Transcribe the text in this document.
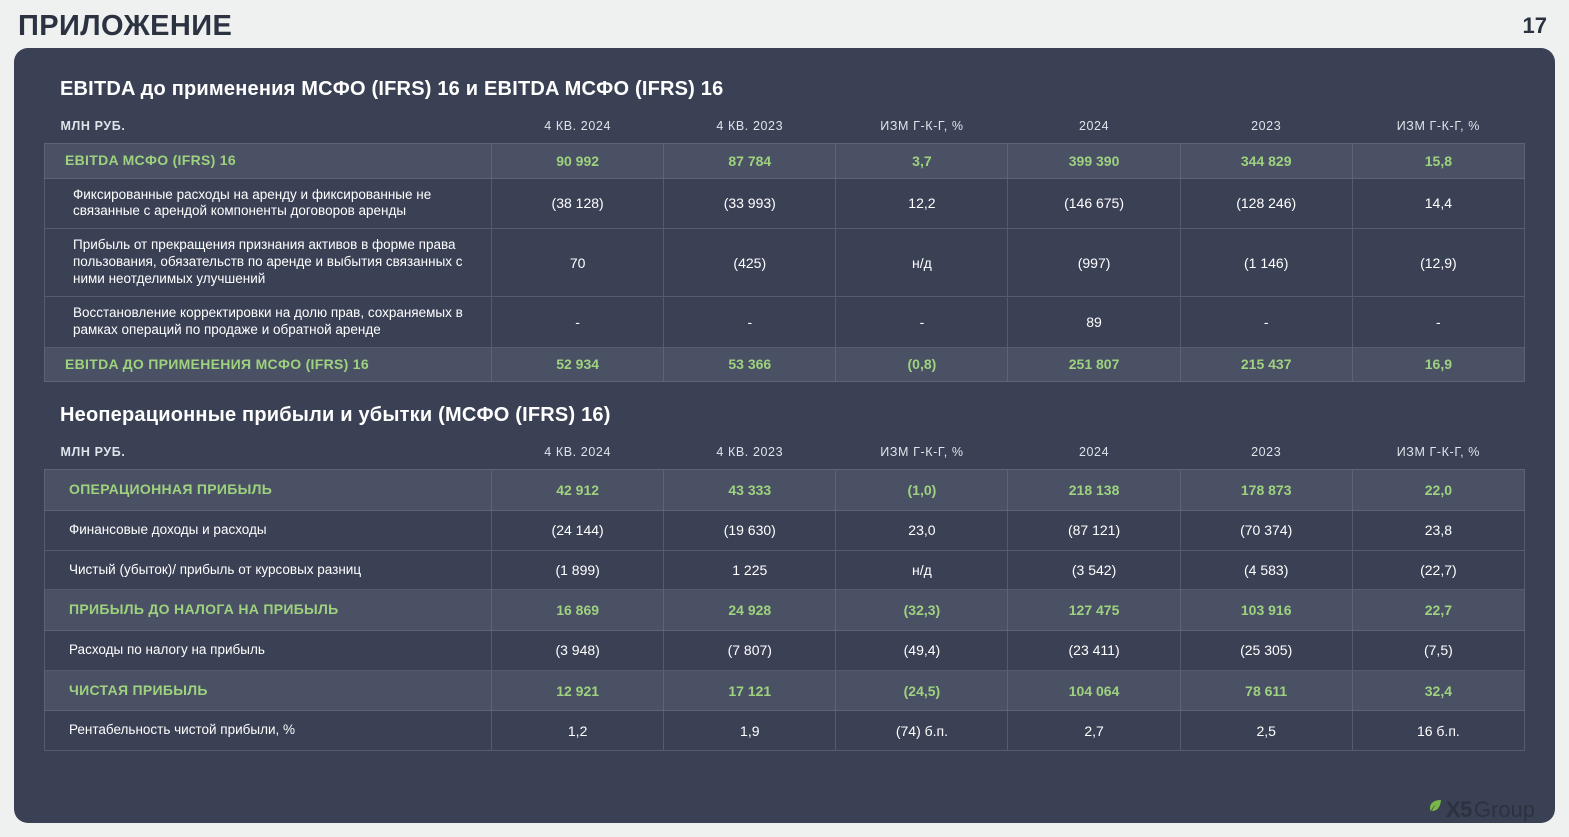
ПРИЛОЖЕНИЕ	17
EBITDA до применения МСФО (IFRS) 16 и EBITDA МСФО (IFRS) 16
МЛН РУБ.	4 КВ. 2024	4 КВ. 2023	ИЗМ Г-К-Г, %	2024	2023	ИЗМ Г-К-Г, %
EBITDA МСФО (IFRS) 16	90 992	87 784	3,7	399 390	344 829	15,8
Фиксированные расходы на аренду и фиксированные не связанные с арендой компоненты договоров аренды	(38 128)	(33 993)	12,2	(146 675)	(128 246)	14,4
Прибыль от прекращения признания активов в форме права пользования, обязательств по аренде и выбытия связанных с ними неотделимых улучшений	70	(425)	н/д	(997)	(1 146)	(12,9)
Восстановление корректировки на долю прав, сохраняемых в рамках операций по продаже и обратной аренде	-	-	-	89	-	-
EBITDA ДО ПРИМЕНЕНИЯ МСФО (IFRS) 16	52 934	53 366	(0,8)	251 807	215 437	16,9
Неоперационные прибыли и убытки (МСФО (IFRS) 16)
МЛН РУБ.	4 КВ. 2024	4 КВ. 2023	ИЗМ Г-К-Г, %	2024	2023	ИЗМ Г-К-Г, %
ОПЕРАЦИОННАЯ ПРИБЫЛЬ	42 912	43 333	(1,0)	218 138	178 873	22,0
Финансовые доходы и расходы	(24 144)	(19 630)	23,0	(87 121)	(70 374)	23,8
Чистый (убыток)/ прибыль от курсовых разниц	(1 899)	1 225	н/д	(3 542)	(4 583)	(22,7)
ПРИБЫЛЬ ДО НАЛОГА НА ПРИБЫЛЬ	16 869	24 928	(32,3)	127 475	103 916	22,7
Расходы по налогу на прибыль	(3 948)	(7 807)	(49,4)	(23 411)	(25 305)	(7,5)
ЧИСТАЯ ПРИБЫЛЬ	12 921	17 121	(24,5)	104 064	78 611	32,4
Рентабельность чистой прибыли, %	1,2	1,9	(74) б.п.	2,7	2,5	16 б.п.
X5 Group
